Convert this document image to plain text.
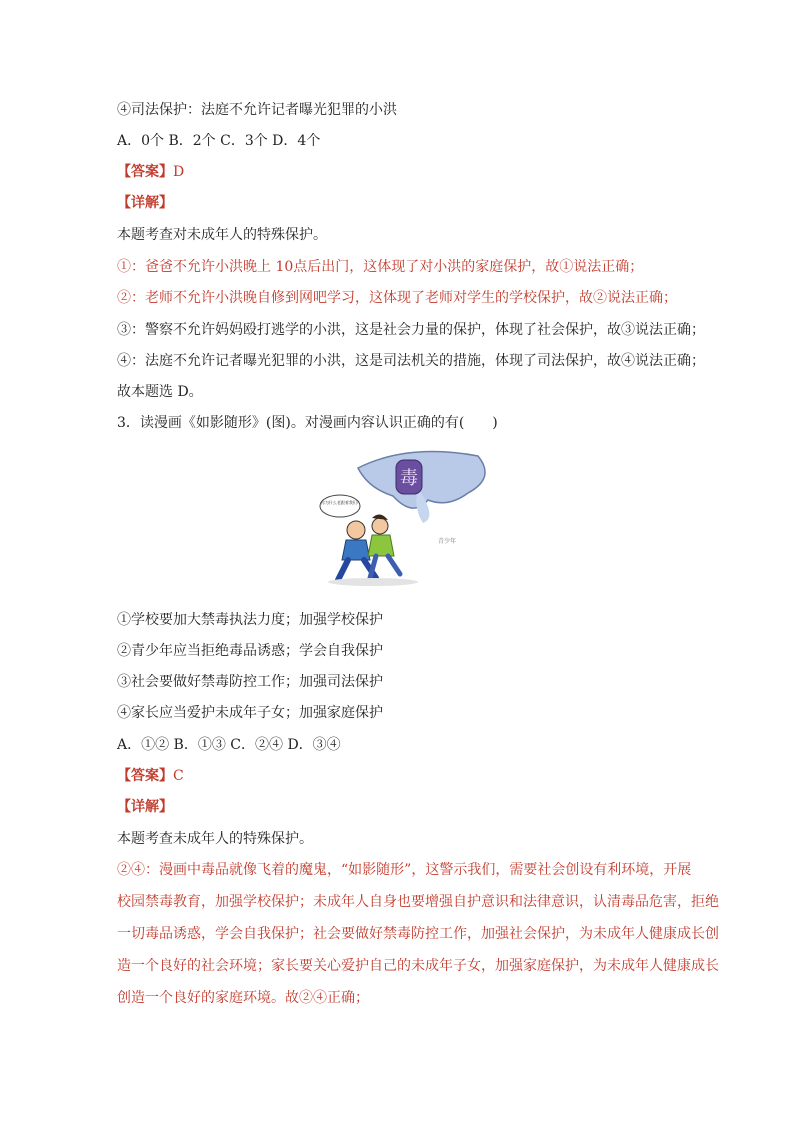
④司法保护：法庭不允许记者曝光犯罪的小洪
A．0个 B．2个 C．3个 D．4个
【答案】D
【详解】
本题考查对未成年人的特殊保护。
①：爸爸不允许小洪晚上 10点后出门，这体现了对小洪的家庭保护，故①说法正确；
②：老师不允许小洪晚自修到网吧学习，这体现了老师对学生的学校保护，故②说法正确；
③：警察不允许妈妈殴打逃学的小洪，这是社会力量的保护，体现了社会保护，故③说法正确；
④：法庭不允许记者曝光犯罪的小洪，这是司法机关的措施，体现了司法保护，故④说法正确；
故本题选 D。
3．读漫画《如影随形》(图)。对漫画内容认识正确的有(　　)
毒
你为什么老跟着我们?
青少年
①学校要加大禁毒执法力度；加强学校保护
②青少年应当拒绝毒品诱惑；学会自我保护
③社会要做好禁毒防控工作；加强司法保护
④家长应当爱护未成年子女；加强家庭保护
A．①② B．①③ C．②④ D．③④
【答案】C
【详解】
本题考查未成年人的特殊保护。
②④：漫画中毒品就像飞着的魔鬼，“如影随形”，这警示我们，需要社会创设有利环境，开展
校园禁毒教育，加强学校保护；未成年人自身也要增强自护意识和法律意识，认清毒品危害，拒绝
一切毒品诱惑，学会自我保护；社会要做好禁毒防控工作，加强社会保护，为未成年人健康成长创
造一个良好的社会环境；家长要关心爱护自己的未成年子女，加强家庭保护，为未成年人健康成长
创造一个良好的家庭环境。故②④正确；
